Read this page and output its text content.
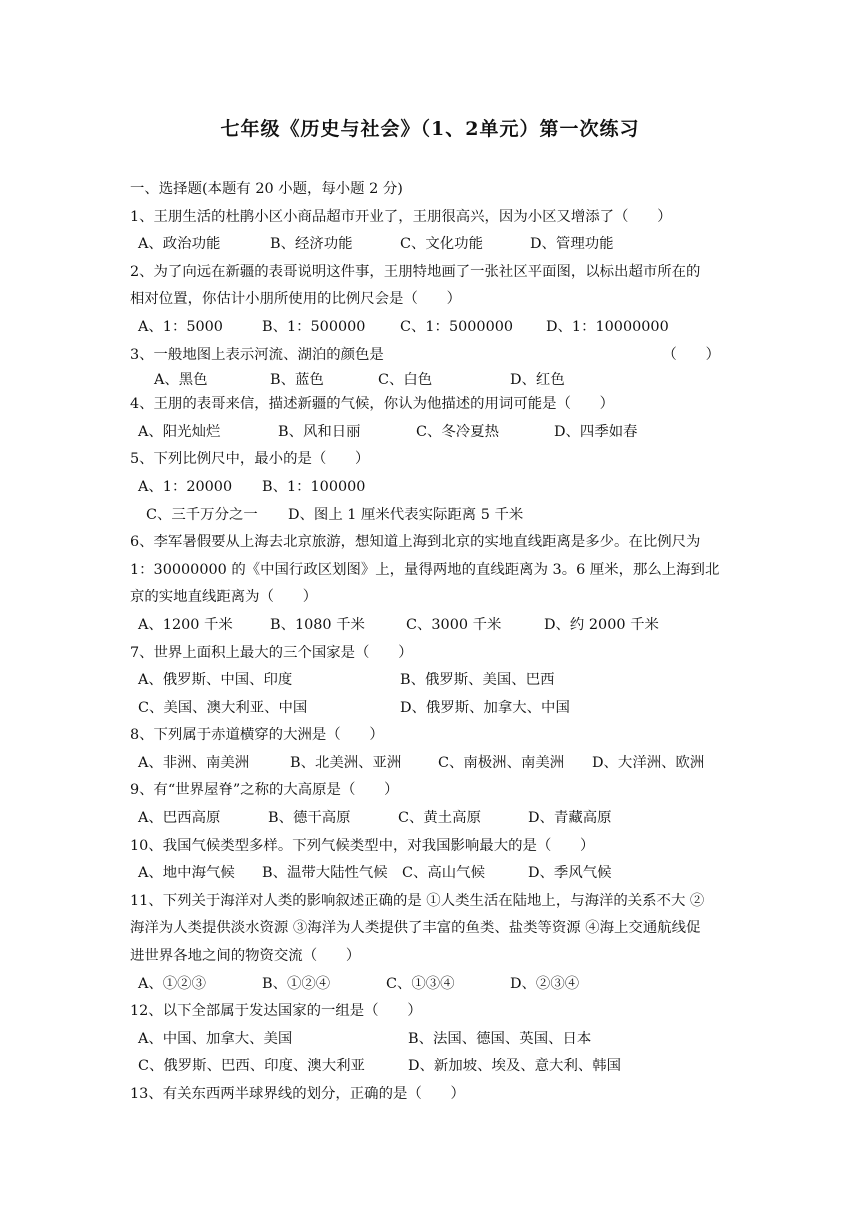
七年级《历史与社会》（1、2单元）第一次练习
一、选择题(本题有 20 小题，每小题 2 分)
1、王朋生活的杜鹃小区小商品超市开业了，王朋很高兴，因为小区又增添了（　　）
A、政治功能	B、经济功能	C、文化功能	D、管理功能
2、为了向远在新疆的表哥说明这件事，王朋特地画了一张社区平面图，以标出超市所在的
相对位置，你估计小朋所使用的比例尺会是（　　）
A、1：5000	B、1：500000 C、1：5000000 D、1：10000000
3、一般地图上表示河流、湖泊的颜色是	（　　）
A、黑色	B、蓝色	C、白色	D、红色
4、王朋的表哥来信，描述新疆的气候，你认为他描述的用词可能是（　　）
A、阳光灿烂	B、风和日丽	C、冬冷夏热	D、四季如春
5、下列比例尺中，最小的是（　　）
A、1：20000 B、1：100000
C、三千万分之一 D、图上 1 厘米代表实际距离 5 千米
6、李军暑假要从上海去北京旅游，想知道上海到北京的实地直线距离是多少。在比例尺为
1：30000000 的《中国行政区划图》上，量得两地的直线距离为 3。6 厘米，那么上海到北
京的实地直线距离为（　　）
A、1200 千米	B、1080 千米	C、3000 千米	D、约 2000 千米
7、世界上面积上最大的三个国家是（　　）
A、俄罗斯、中国、印度	B、俄罗斯、美国、巴西
C、美国、澳大利亚、中国	D、俄罗斯、加拿大、中国
8、下列属于赤道横穿的大洲是（　　）
A、非洲、南美洲	B、北美洲、亚洲	C、南极洲、南美洲 D、大洋洲、欧洲
9、有“世界屋脊”之称的大高原是（　　）
A、巴西高原	B、德干高原	C、黄土高原	D、青藏高原
10、我国气候类型多样。下列气候类型中，对我国影响最大的是（　　）
A、地中海气候 B、温带大陆性气候 C、高山气候	D、季风气候
11、下列关于海洋对人类的影响叙述正确的是 ①人类生活在陆地上，与海洋的关系不大 ②
海洋为人类提供淡水资源 ③海洋为人类提供了丰富的鱼类、盐类等资源 ④海上交通航线促
进世界各地之间的物资交流（　　）
A、①②③	B、①②④	C、①③④	D、②③④
12、以下全部属于发达国家的一组是（　　）
A、中国、加拿大、美国	B、法国、德国、英国、日本
C、俄罗斯、巴西、印度、澳大利亚	D、新加坡、埃及、意大利、韩国
13、有关东西两半球界线的划分，正确的是（　　）
